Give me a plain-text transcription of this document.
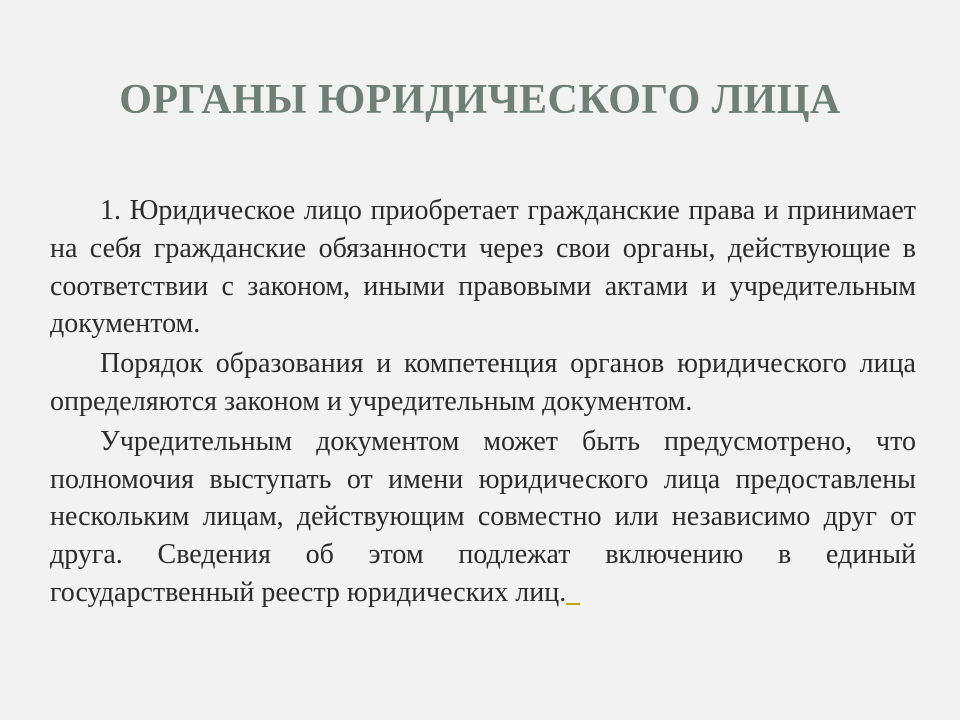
ОРГАНЫ ЮРИДИЧЕСКОГО ЛИЦА

1. Юридическое лицо приобретает гражданские права и принимает на себя гражданские обязанности через свои органы, действующие в соответствии с законом, иными правовыми актами и учредительным документом.

Порядок образования и компетенция органов юридического лица определяются законом и учредительным документом.

Учредительным документом может быть предусмотрено, что полномочия выступать от имени юридического лица предоставлены нескольким лицам, действующим совместно или независимо друг от друга. Сведения об этом подлежат включению в единый государственный реестр юридических лиц.
